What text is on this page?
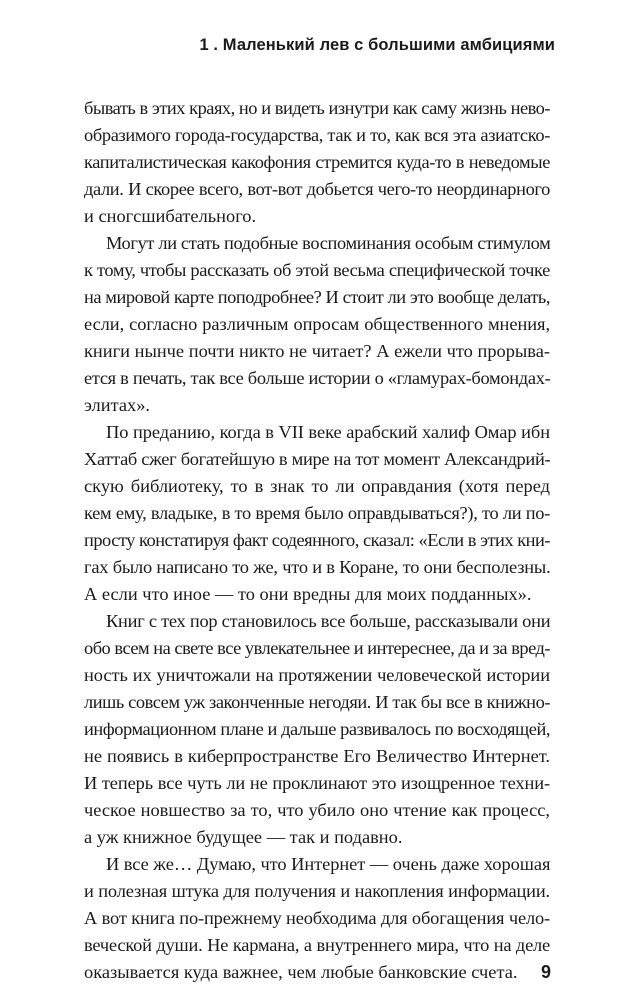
1 . Маленький лев с большими амбициями

бывать в этих краях, но и видеть изнутри как саму жизнь нево-
образимого города-государства, так и то, как вся эта азиатско-
капиталистическая какофония стремится куда-то в неведомые
дали. И скорее всего, вот-вот добьется чего-то неординарного
и сногсшибательного.

Могут ли стать подобные воспоминания особым стимулом
к тому, чтобы рассказать об этой весьма специфической точке
на мировой карте поподробнее? И стоит ли это вообще делать,
если, согласно различным опросам общественного мнения,
книги нынче почти никто не читает? А ежели что прорыва-
ется в печать, так все больше истории о «гламурах-бомондах-
элитах».

По преданию, когда в VII веке арабский халиф Омар ибн
Хаттаб сжег богатейшую в мире на тот момент Александрий-
скую библиотеку, то в знак то ли оправдания (хотя перед
кем ему, владыке, в то время было оправдываться?), то ли по-
просту констатируя факт содеянного, сказал: «Если в этих кни-
гах было написано то же, что и в Коране, то они бесполезны.
А если что иное — то они вредны для моих подданных».

Книг с тех пор становилось все больше, рассказывали они
обо всем на свете все увлекательнее и интереснее, да и за вред-
ность их уничтожали на протяжении человеческой истории
лишь совсем уж законченные негодяи. И так бы все в книжно-
информационном плане и дальше развивалось по восходящей,
не появись в киберпространстве Его Величество Интернет.
И теперь все чуть ли не проклинают это изощренное техни-
ческое новшество за то, что убило оно чтение как процесс,
а уж книжное будущее — так и подавно.

И все же… Думаю, что Интернет — очень даже хорошая
и полезная штука для получения и накопления информации.
А вот книга по-прежнему необходима для обогащения чело-
веческой души. Не кармана, а внутреннего мира, что на деле
оказывается куда важнее, чем любые банковские счета.	9
